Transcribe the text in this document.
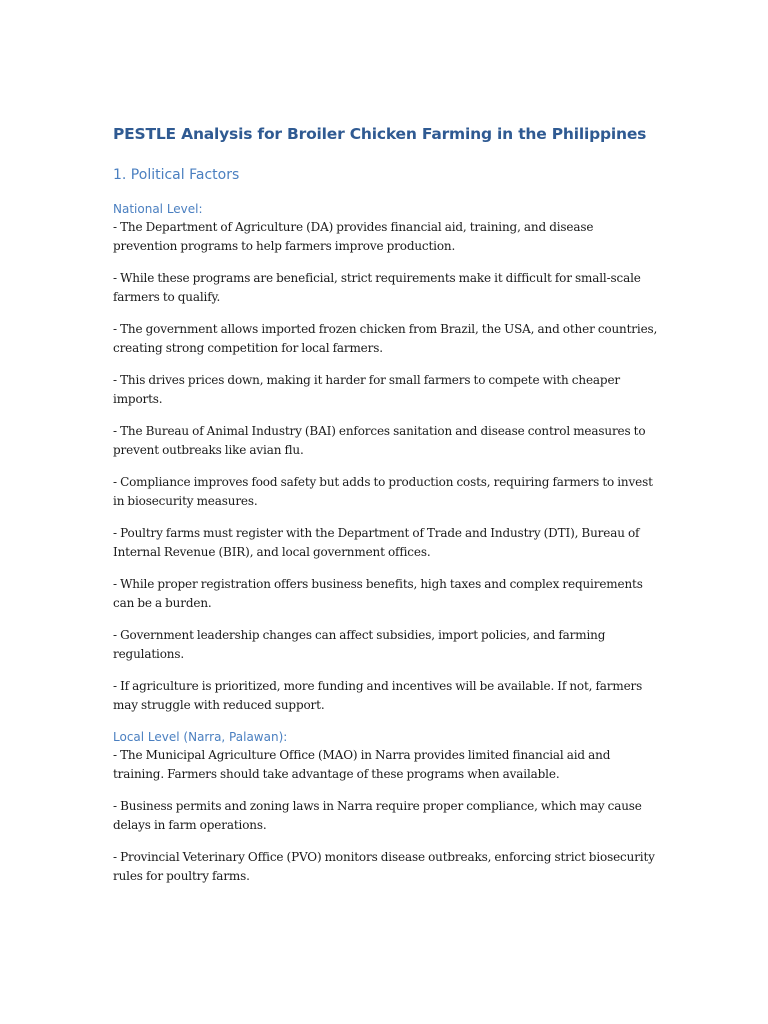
PESTLE Analysis for Broiler Chicken Farming in the Philippines
1. Political Factors

National Level:

- The Department of Agriculture (DA) provides financial aid, training, and disease prevention programs to help farmers improve production.

- While these programs are beneficial, strict requirements make it difficult for small-scale farmers to qualify.

- The government allows imported frozen chicken from Brazil, the USA, and other countries, creating strong competition for local farmers.

- This drives prices down, making it harder for small farmers to compete with cheaper imports.

- The Bureau of Animal Industry (BAI) enforces sanitation and disease control measures to prevent outbreaks like avian flu.

- Compliance improves food safety but adds to production costs, requiring farmers to invest in biosecurity measures.

- Poultry farms must register with the Department of Trade and Industry (DTI), Bureau of Internal Revenue (BIR), and local government offices.

- While proper registration offers business benefits, high taxes and complex requirements can be a burden.

- Government leadership changes can affect subsidies, import policies, and farming regulations.

- If agriculture is prioritized, more funding and incentives will be available. If not, farmers may struggle with reduced support.

Local Level (Narra, Palawan):

- The Municipal Agriculture Office (MAO) in Narra provides limited financial aid and training. Farmers should take advantage of these programs when available.

- Business permits and zoning laws in Narra require proper compliance, which may cause delays in farm operations.

- Provincial Veterinary Office (PVO) monitors disease outbreaks, enforcing strict biosecurity rules for poultry farms.
